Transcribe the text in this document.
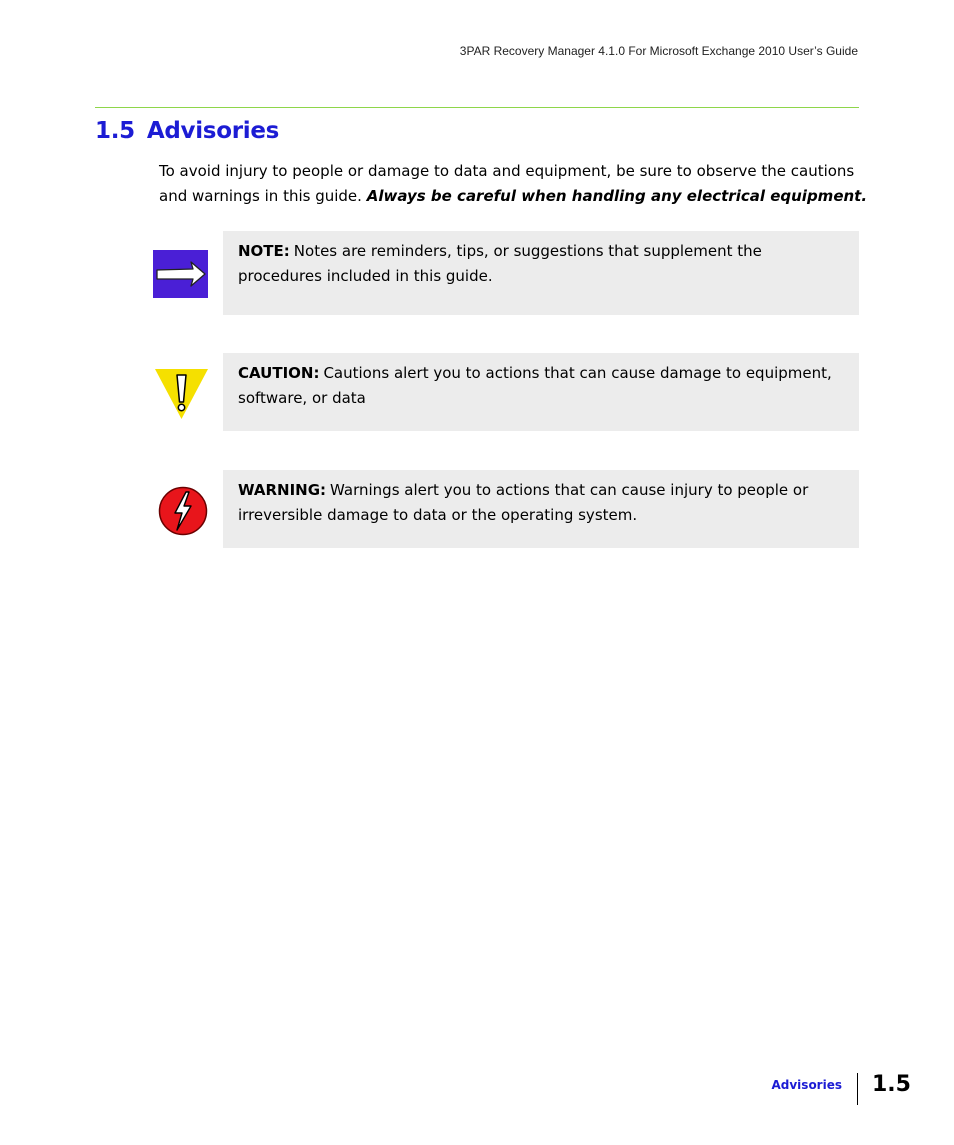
3PAR Recovery Manager 4.1.0 For Microsoft Exchange 2010 User’s Guide
1.5 Advisories

To avoid injury to people or damage to data and equipment, be sure to observe the cautions and warnings in this guide. Always be careful when handling any electrical equipment.

NOTE: Notes are reminders, tips, or suggestions that supplement the procedures included in this guide.
CAUTION: Cautions alert you to actions that can cause damage to equipment, software, or data
WARNING: Warnings alert you to actions that can cause injury to people or irreversible damage to data or the operating system.
Advisories 1.5
